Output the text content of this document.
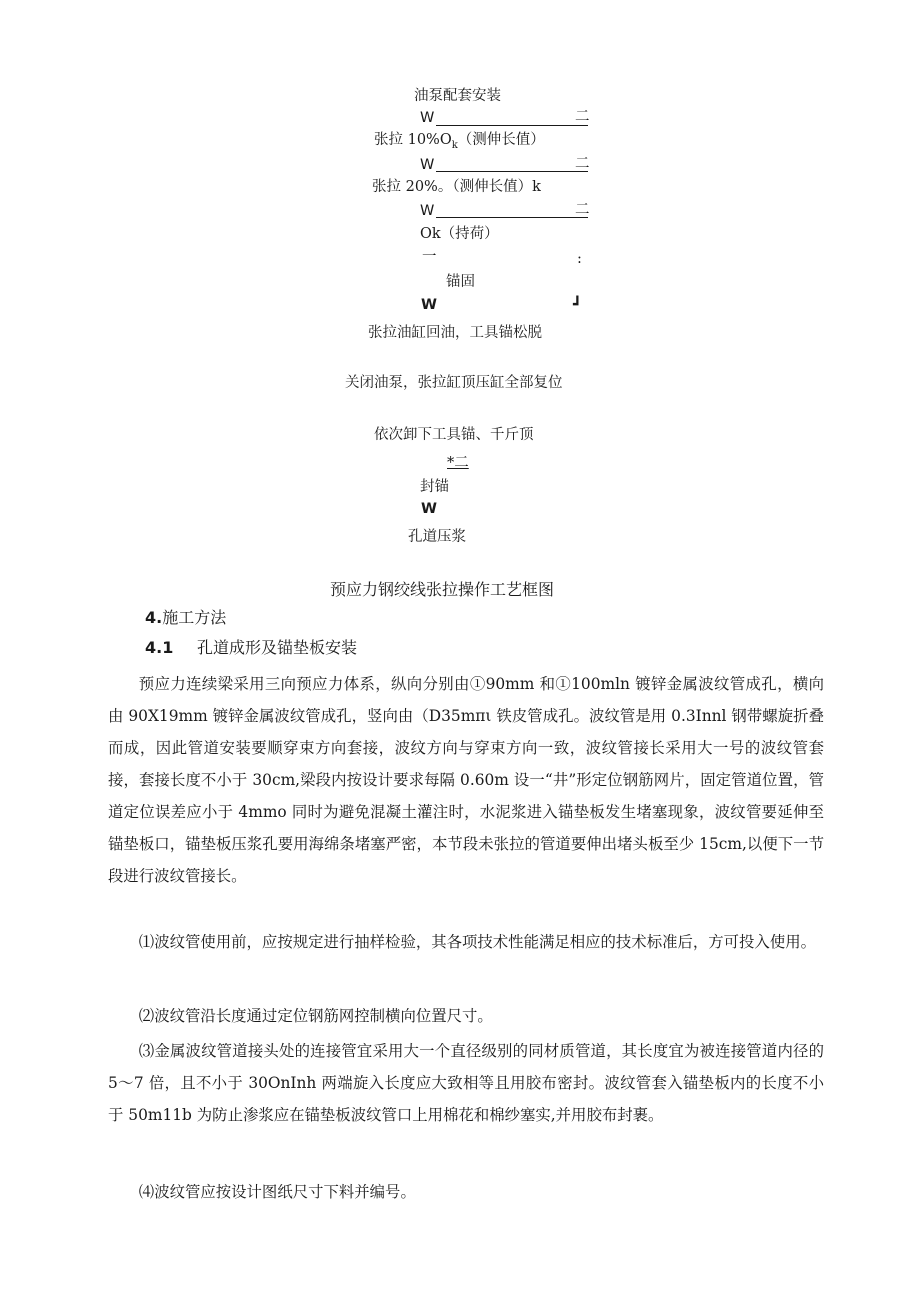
油泵配套安装
W	二
张拉 $10\%O_k$（测伸长值）
W	二
张拉 20%。（测伸长值）k
W	二
Ok（持荷）
一	:
锚固
W	┛
张拉油缸回油，工具锚松脱
关闭油泵，张拉缸顶压缸全部复位
依次卸下工具锚、千斤顶
*二
封锚
W
孔道压浆
预应力钢绞线张拉操作工艺框图
4.施工方法
4.1 孔道成形及锚垫板安装

预应力连续梁采用三向预应力体系，纵向分别由①90mm 和①100mln 镀锌金属波纹管成孔，横向由 90X19mm 镀锌金属波纹管成孔，竖向由（D35mπι 铁皮管成孔。波纹管是用 0.3Innl 钢带螺旋折叠而成，因此管道安装要顺穿束方向套接，波纹方向与穿束方向一致，波纹管接长采用大一号的波纹管套接，套接长度不小于 30cm,梁段内按设计要求每隔 0.60m 设一“井”形定位钢筋网片，固定管道位置，管道定位误差应小于 4mmo 同时为避免混凝土灌注时，水泥浆进入锚垫板发生堵塞现象，波纹管要延伸至锚垫板口，锚垫板压浆孔要用海绵条堵塞严密，本节段未张拉的管道要伸出堵头板至少 15cm,以便下一节段进行波纹管接长。

⑴波纹管使用前，应按规定进行抽样检验，其各项技术性能满足相应的技术标准后，方可投入使用。

⑵波纹管沿长度通过定位钢筋网控制横向位置尺寸。

⑶金属波纹管道接头处的连接管宜采用大一个直径级别的同材质管道，其长度宜为被连接管道内径的 5〜7 倍，且不小于 30OnInh 两端旋入长度应大致相等且用胶布密封。波纹管套入锚垫板内的长度不小于 50m11b 为防止渗浆应在锚垫板波纹管口上用棉花和棉纱塞实,并用胶布封裹。

⑷波纹管应按设计图纸尺寸下料并编号。
